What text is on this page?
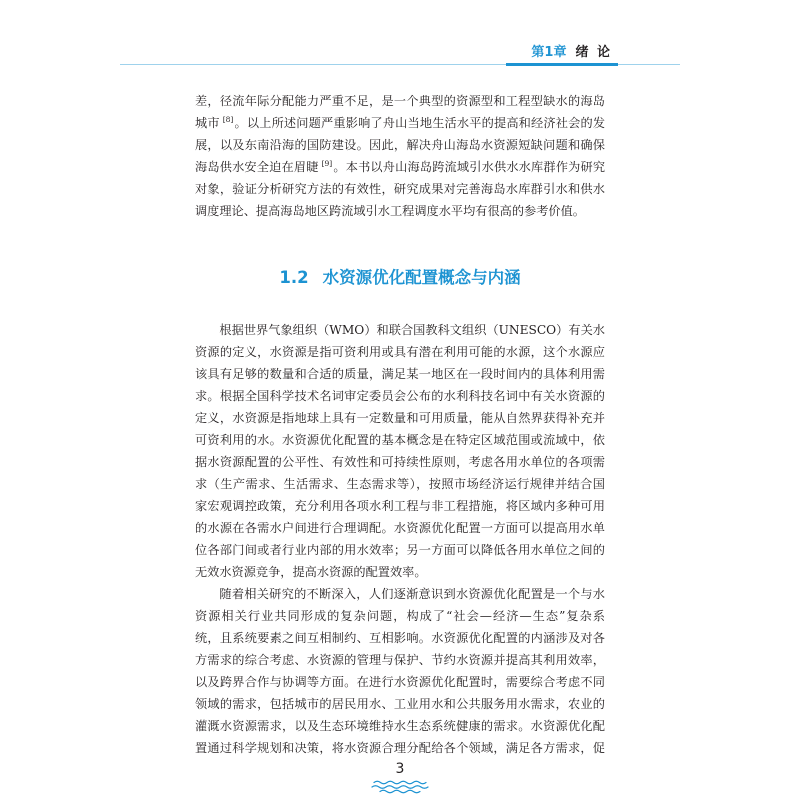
第1章 绪 论
差，径流年际分配能力严重不足，是一个典型的资源型和工程型缺水的海岛
城市 [8]。以上所述问题严重影响了舟山当地生活水平的提高和经济社会的发
展，以及东南沿海的国防建设。因此，解决舟山海岛水资源短缺问题和确保
海岛供水安全迫在眉睫 [9]。本书以舟山海岛跨流域引水供水水库群作为研究
对象，验证分析研究方法的有效性，研究成果对完善海岛水库群引水和供水
调度理论、提高海岛地区跨流域引水工程调度水平均有很高的参考价值。
1.2 水资源优化配置概念与内涵
根据世界气象组织（WMO）和联合国教科文组织（UNESCO）有关水
资源的定义，水资源是指可资利用或具有潜在利用可能的水源，这个水源应
该具有足够的数量和合适的质量，满足某一地区在一段时间内的具体利用需
求。根据全国科学技术名词审定委员会公布的水利科技名词中有关水资源的
定义，水资源是指地球上具有一定数量和可用质量，能从自然界获得补充并
可资利用的水。水资源优化配置的基本概念是在特定区域范围或流域中，依
据水资源配置的公平性、有效性和可持续性原则，考虑各用水单位的各项需
求（生产需求、生活需求、生态需求等），按照市场经济运行规律并结合国
家宏观调控政策，充分利用各项水利工程与非工程措施，将区域内多种可用
的水源在各需水户间进行合理调配。水资源优化配置一方面可以提高用水单
位各部门间或者行业内部的用水效率；另一方面可以降低各用水单位之间的
无效水资源竞争，提高水资源的配置效率。
随着相关研究的不断深入，人们逐渐意识到水资源优化配置是一个与水
资源相关行业共同形成的复杂问题，构成了“社会—经济—生态”复杂系
统，且系统要素之间互相制约、互相影响。水资源优化配置的内涵涉及对各
方需求的综合考虑、水资源的管理与保护、节约水资源并提高其利用效率，
以及跨界合作与协调等方面。在进行水资源优化配置时，需要综合考虑不同
领域的需求，包括城市的居民用水、工业用水和公共服务用水需求，农业的
灌溉水资源需求，以及生态环境维持水生态系统健康的需求。水资源优化配
置通过科学规划和决策，将水资源合理分配给各个领域，满足各方需求，促
3
